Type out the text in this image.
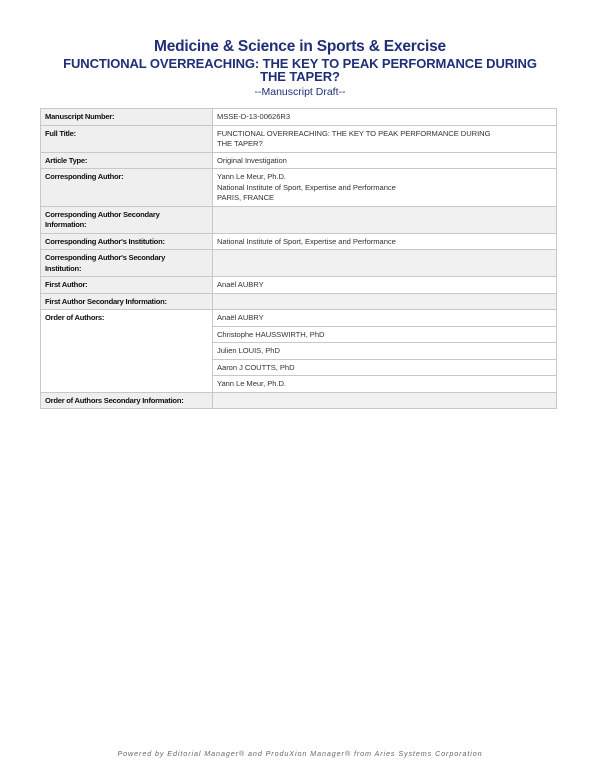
Medicine & Science in Sports & Exercise
FUNCTIONAL OVERREACHING: THE KEY TO PEAK PERFORMANCE DURING
THE TAPER?
--Manuscript Draft--
Manuscript Number:	MSSE-D-13-00626R3
Full Title:	FUNCTIONAL OVERREACHING: THE KEY TO PEAK PERFORMANCE DURING
THE TAPER?

Article Type:	Original Investigation
Corresponding Author:	Yann Le Meur, Ph.D.
National Institute of Sport, Expertise and Performance
PARIS, FRANCE

Corresponding Author Secondary
Information:	

Corresponding Author's Institution:	National Institute of Sport, Expertise and Performance

Corresponding Author's Secondary
Institution:	

First Author:	Anaël AUBRY
First Author Secondary Information:	
Order of Authors:	Anaël AUBRY
	Christophe HAUSSWIRTH, PhD
	Julien LOUIS, PhD
	Aaron J COUTTS, PhD
	Yann Le Meur, Ph.D.
Order of Authors Secondary Information:	
Powered by Editorial Manager® and ProduXion Manager® from Aries Systems Corporation
